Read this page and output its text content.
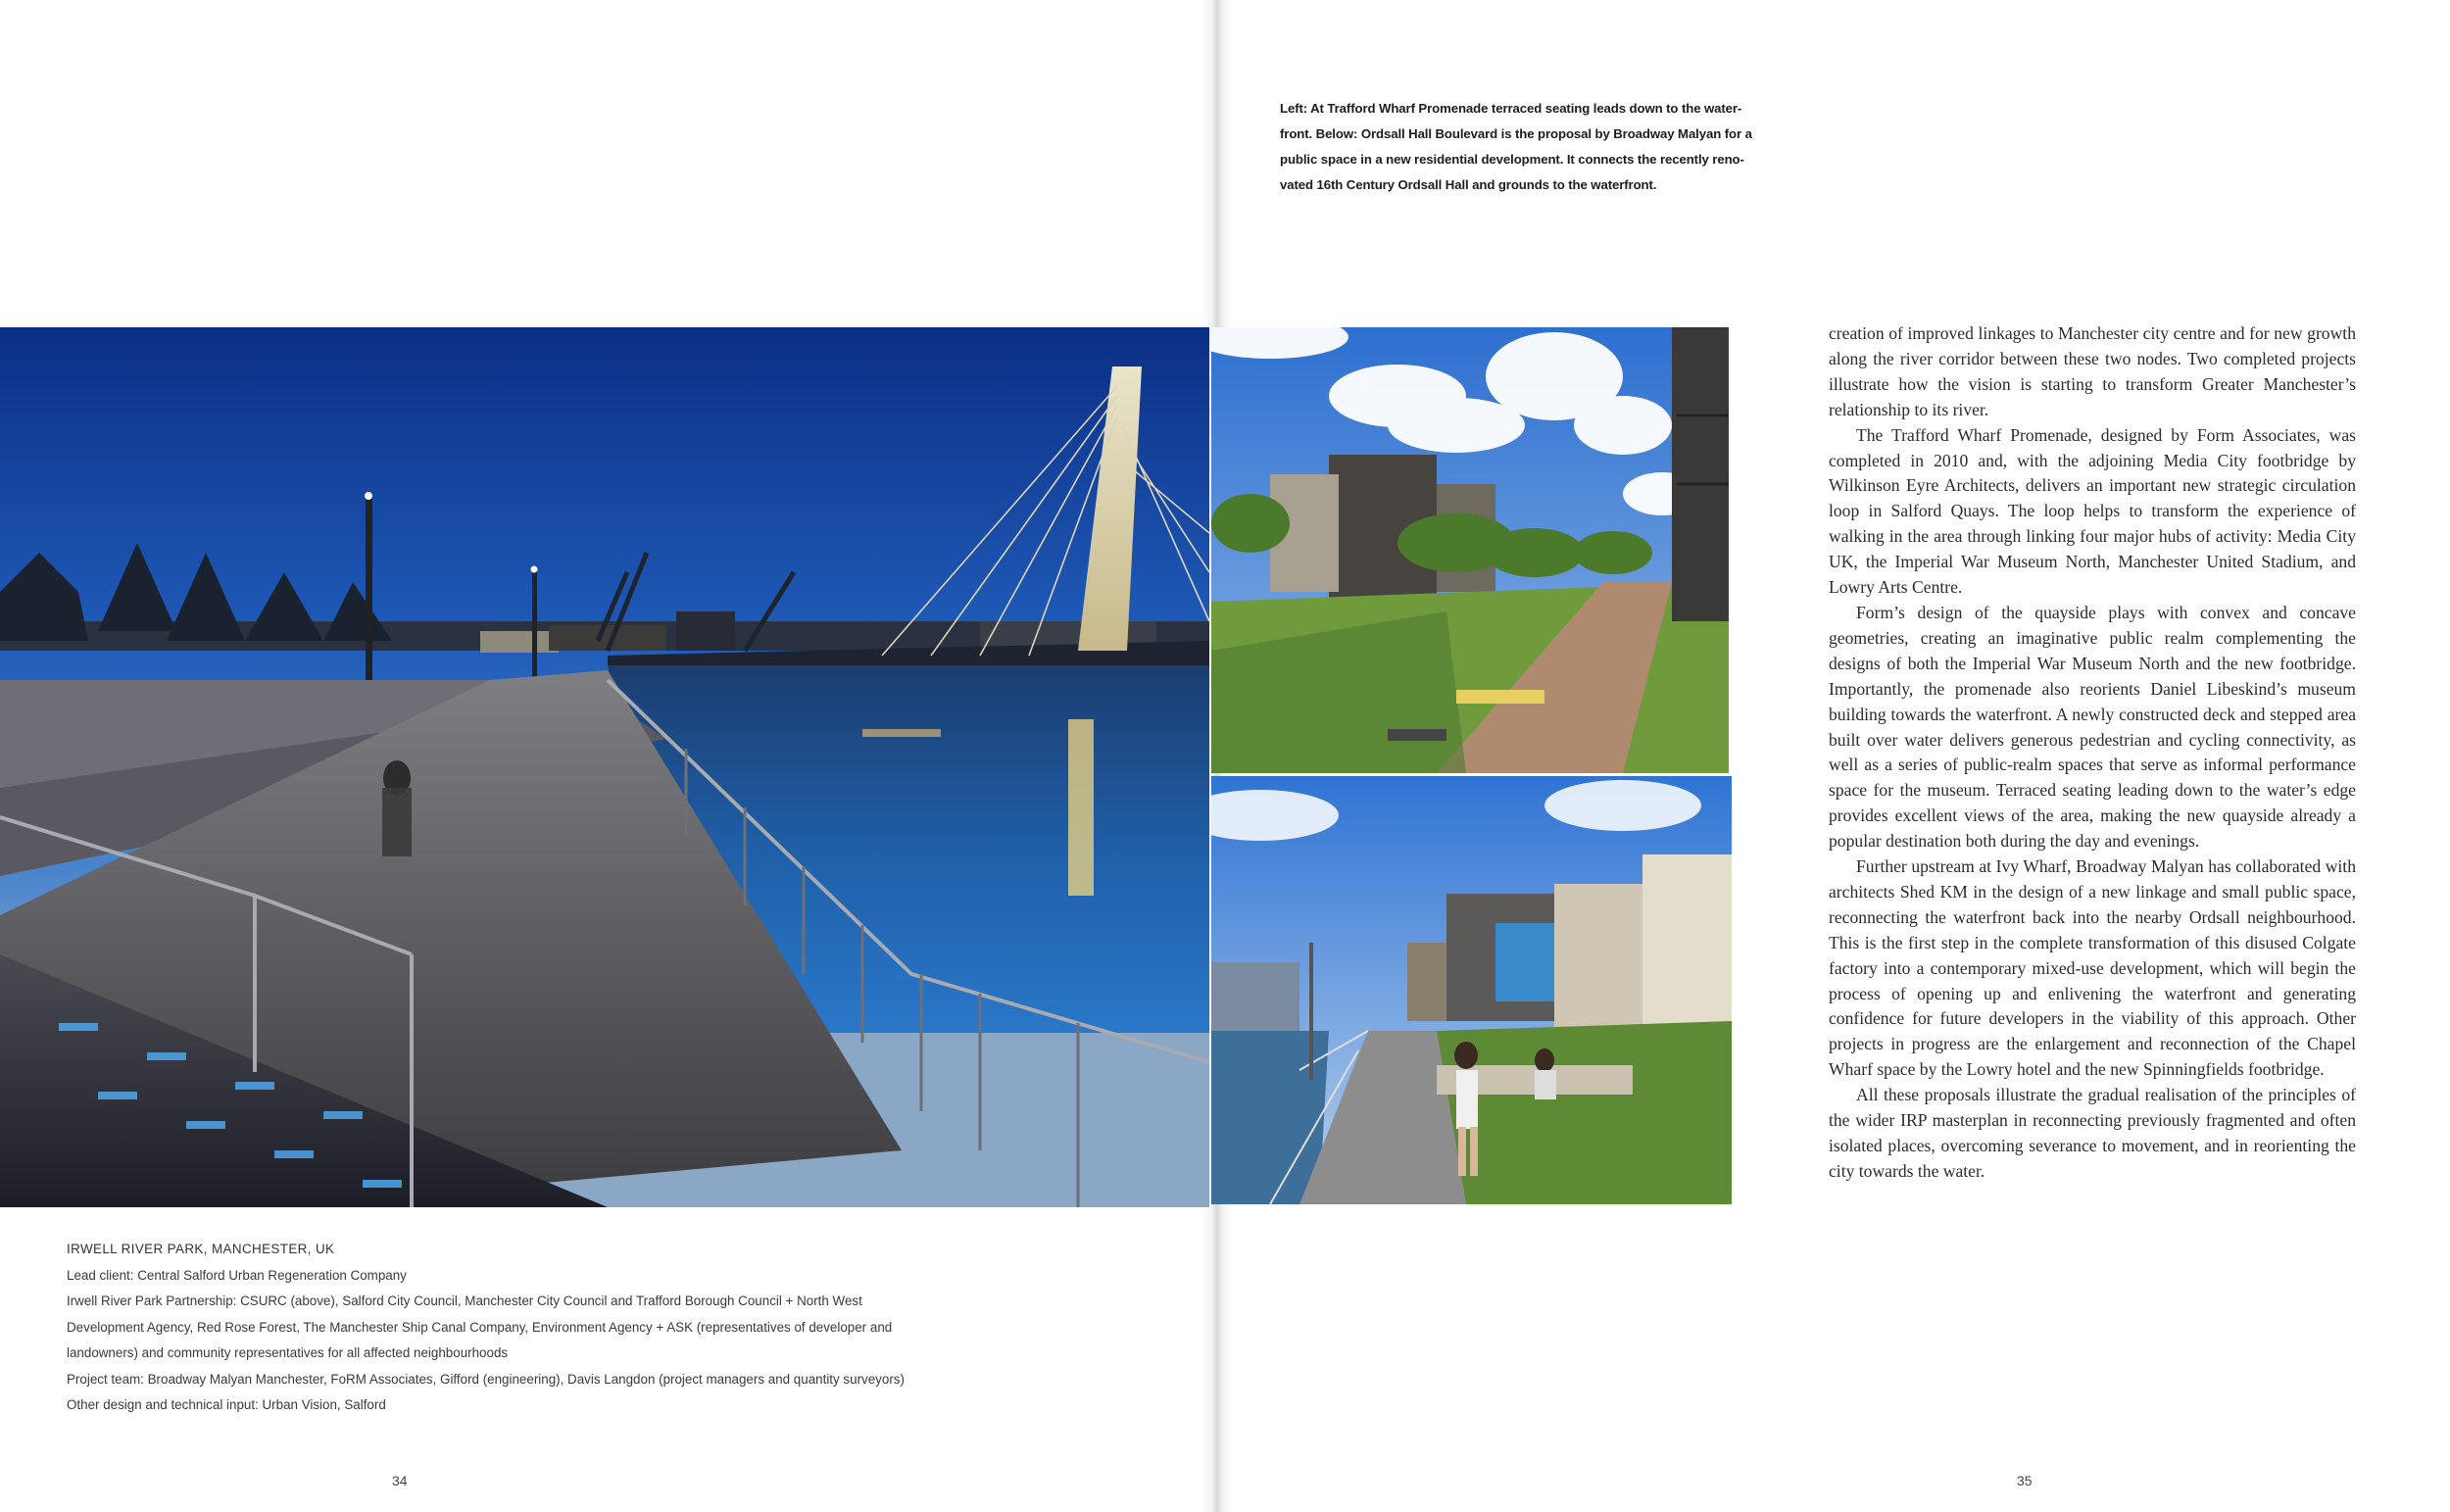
Left: At Trafford Wharf Promenade terraced seating leads down to the water-
front. Below: Ordsall Hall Boulevard is the proposal by Broadway Malyan for a
public space in a new residential development. It connects the recently reno-
vated 16th Century Ordsall Hall and grounds to the waterfront.
IRWELL RIVER PARK, MANCHESTER, UK
Lead client: Central Salford Urban Regeneration Company
Irwell River Park Partnership: CSURC (above), Salford City Council, Manchester City Council and Trafford Borough Council + North West
Development Agency, Red Rose Forest, The Manchester Ship Canal Company, Environment Agency + ASK (representatives of developer and
landowners) and community representatives for all affected neighbourhoods
Project team: Broadway Malyan Manchester, FoRM Associates, Gifford (engineering), Davis Langdon (project managers and quantity surveyors)
Other design and technical input: Urban Vision, Salford

creation of improved linkages to Manchester city centre and for new growth along the river corridor between these two nodes. Two completed projects illustrate how the vision is starting to transform Greater Manchester’s relationship to its river.

The Trafford Wharf Promenade, designed by Form Associates, was completed in 2010 and, with the adjoining Media City footbridge by Wilkinson Eyre Architects, delivers an important new strategic circulation loop in Salford Quays. The loop helps to transform the experience of walking in the area through linking four major hubs of activity: Media City UK, the Imperial War Museum North, Manchester United Stadium, and Lowry Arts Centre.

Form’s design of the quayside plays with convex and concave geometries, creating an imaginative public realm complementing the designs of both the Imperial War Museum North and the new footbridge. Importantly, the promenade also reorients Daniel Libeskind’s museum building towards the waterfront. A newly constructed deck and stepped area built over water delivers generous pedestrian and cycling connectivity, as well as a series of public-realm spaces that serve as informal performance space for the museum. Terraced seating leading down to the water’s edge provides excellent views of the area, making the new quayside already a popular destination both during the day and evenings.

Further upstream at Ivy Wharf, Broadway Malyan has collaborated with architects Shed KM in the design of a new linkage and small public space, reconnecting the waterfront back into the nearby Ordsall neighbourhood. This is the first step in the complete transformation of this disused Colgate factory into a contemporary mixed-use development, which will begin the process of opening up and enlivening the waterfront and generating confidence for future developers in the viability of this approach. Other projects in progress are the enlargement and reconnection of the Chapel Wharf space by the Lowry hotel and the new Spinningfields footbridge.

All these proposals illustrate the gradual realisation of the principles of the wider IRP masterplan in reconnecting previously fragmented and often isolated places, overcoming severance to movement, and in reorienting the city towards the water.

34	35
